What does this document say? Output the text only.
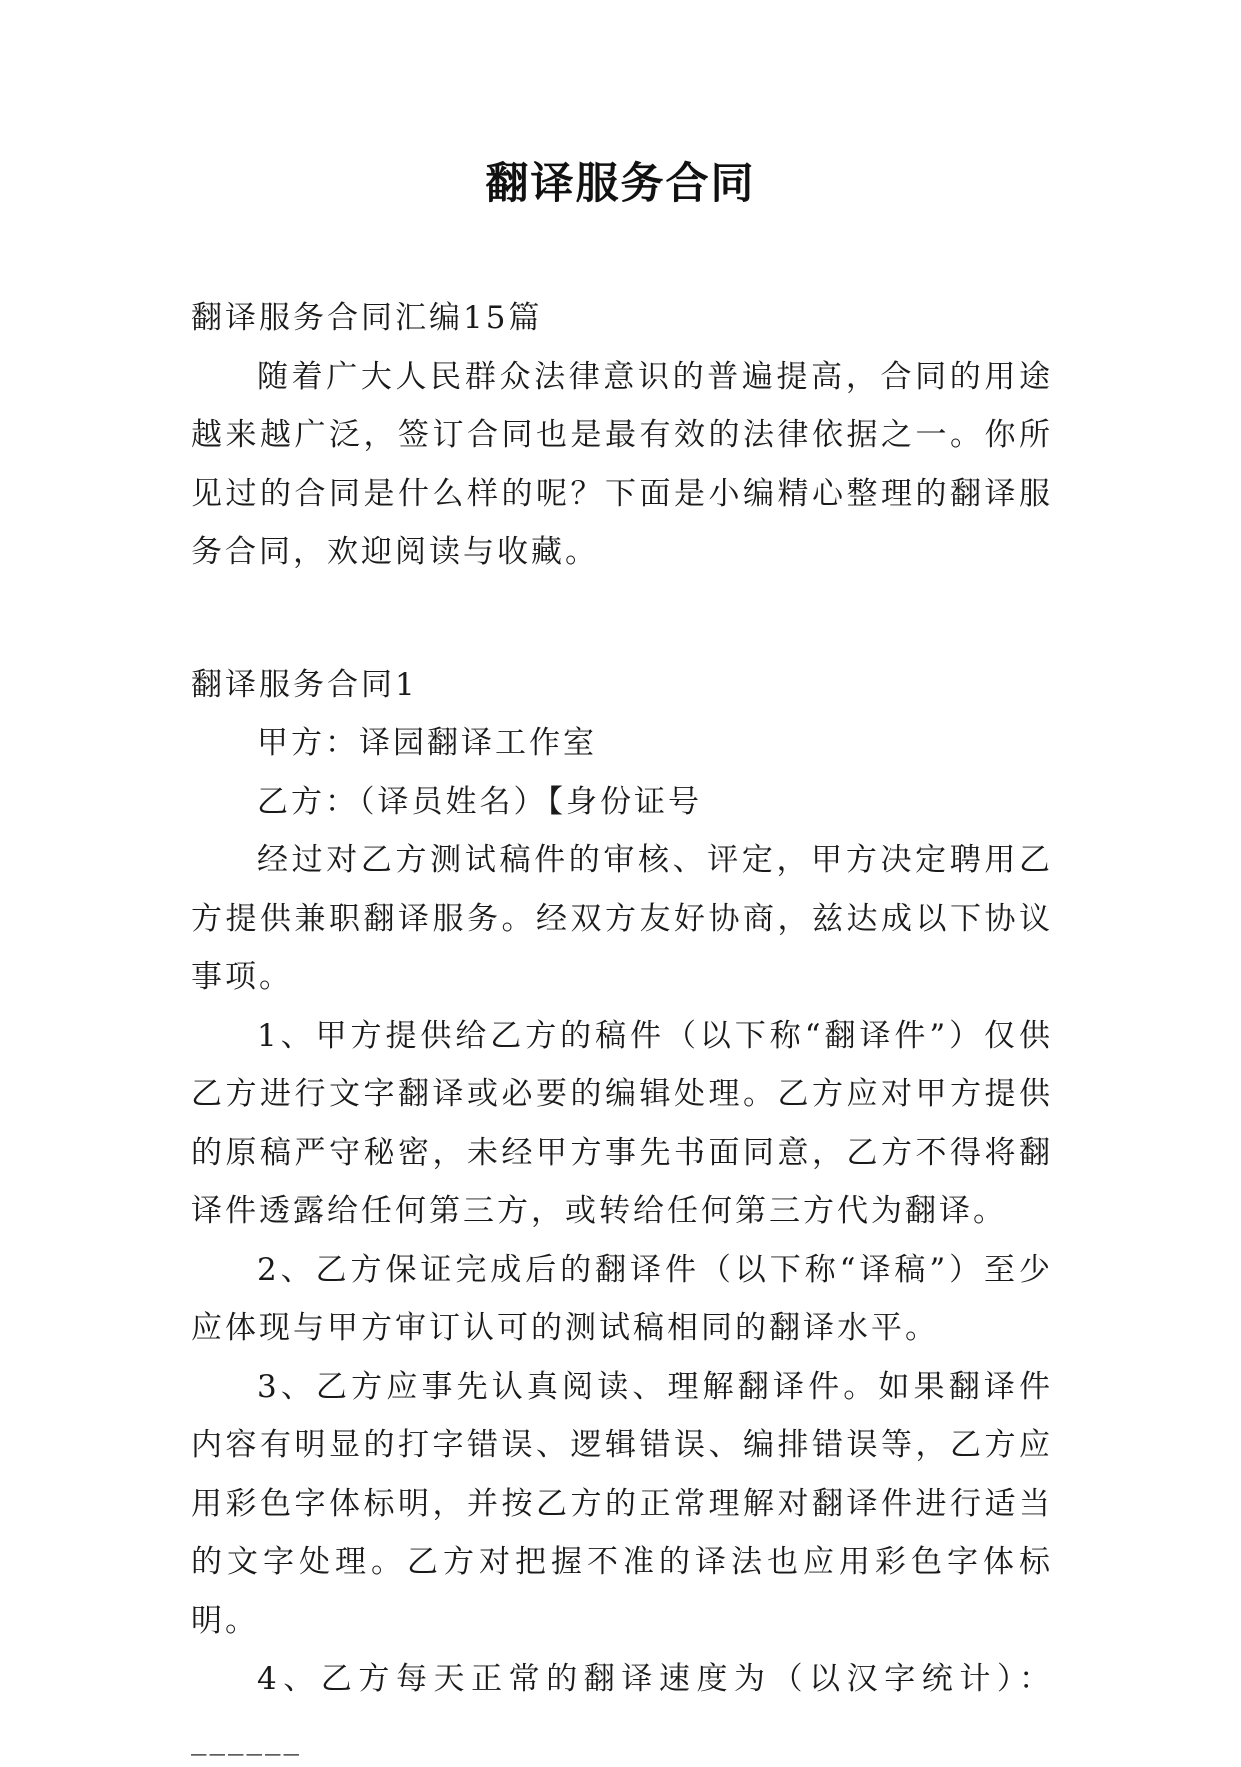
翻译服务合同

翻译服务合同汇编15篇

随着广大人民群众法律意识的普遍提高，合同的用途越来越广泛，签订合同也是最有效的法律依据之一。你所见过的合同是什么样的呢？下面是小编精心整理的翻译服务合同，欢迎阅读与收藏。

翻译服务合同1

甲方：译园翻译工作室

乙方：（译员姓名）【身份证号

经过对乙方测试稿件的审核、评定，甲方决定聘用乙方提供兼职翻译服务。经双方友好协商，兹达成以下协议事项。

1、甲方提供给乙方的稿件（以下称“翻译件”）仅供乙方进行文字翻译或必要的编辑处理。乙方应对甲方提供的原稿严守秘密，未经甲方事先书面同意，乙方不得将翻译件透露给任何第三方，或转给任何第三方代为翻译。

2、乙方保证完成后的翻译件（以下称“译稿”）至少应体现与甲方审订认可的测试稿相同的翻译水平。

3、乙方应事先认真阅读、理解翻译件。如果翻译件内容有明显的打字错误、逻辑错误、编排错误等，乙方应用彩色字体标明，并按乙方的正常理解对翻译件进行适当的文字处理。乙方对把握不准的译法也应用彩色字体标明。

4、乙方每天正常的翻译速度为（以汉字统计）：______
